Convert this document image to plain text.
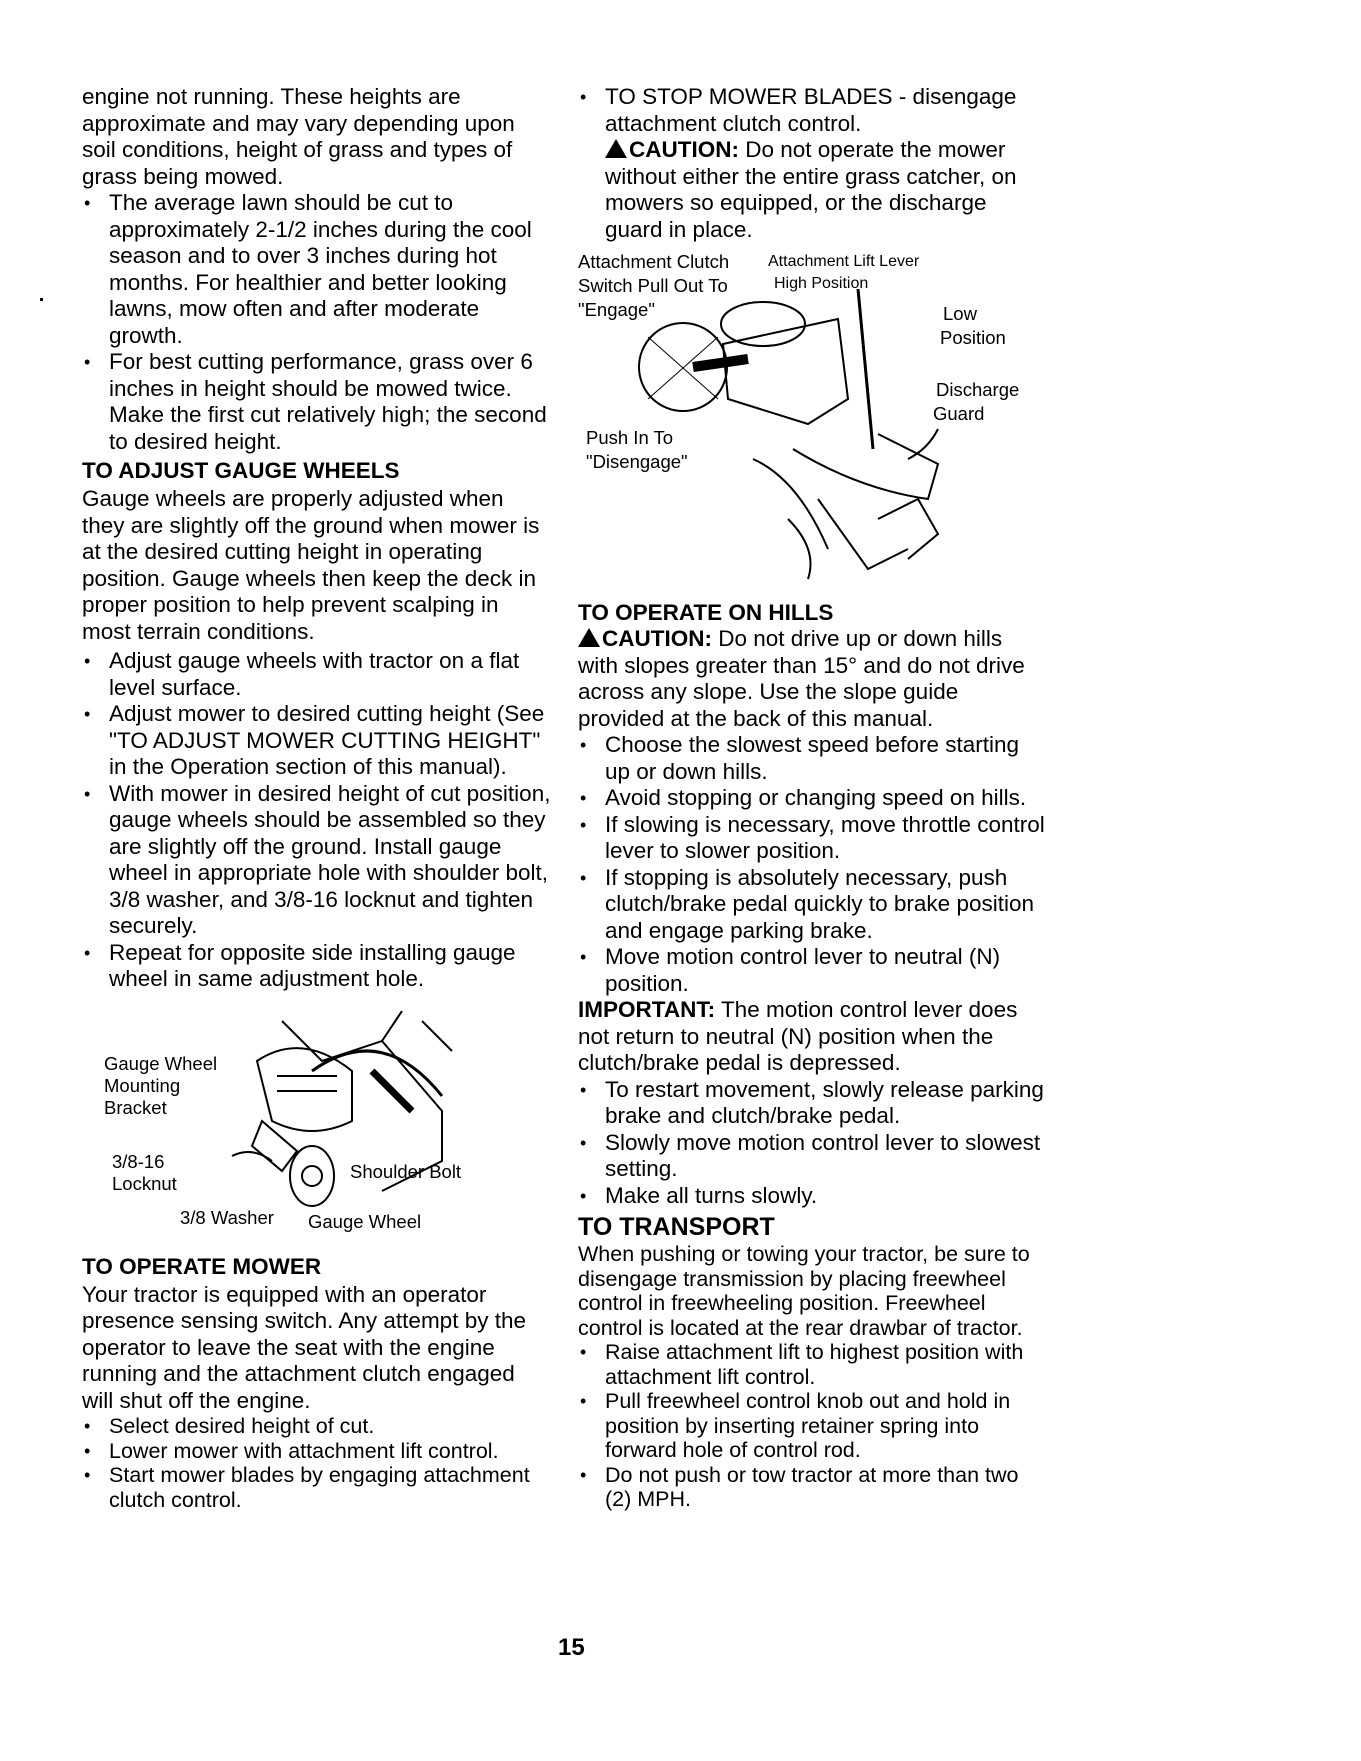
engine not running. These heights are approximate and may vary depending upon soil conditions, height of grass and types of grass being mowed.

• The average lawn should be cut to approximately 2-1/2 inches during the cool season and to over 3 inches during hot months. For healthier and better looking lawns, mow often and after moderate growth.
• For best cutting performance, grass over 6 inches in height should be mowed twice. Make the first cut relatively high; the second to desired height.
TO ADJUST GAUGE WHEELS

Gauge wheels are properly adjusted when they are slightly off the ground when mower is at the desired cutting height in operating position. Gauge wheels then keep the deck in proper position to help prevent scalping in most terrain conditions.

• Adjust gauge wheels with tractor on a flat level surface.
• Adjust mower to desired cutting height (See "TO ADJUST MOWER CUTTING HEIGHT" in the Operation section of this manual).
• With mower in desired height of cut position, gauge wheels should be assembled so they are slightly off the ground. Install gauge wheel in appropriate hole with shoulder bolt, 3/8 washer, and 3/8-16 locknut and tighten securely.
• Repeat for opposite side installing gauge wheel in same adjustment hole.
Gauge Wheel
Mounting
Bracket
3/8-16
Locknut
Shoulder Bolt
3/8 Washer Gauge Wheel
TO OPERATE MOWER

Your tractor is equipped with an operator presence sensing switch. Any attempt by the operator to leave the seat with the engine running and the attachment clutch engaged will shut off the engine.

• Select desired height of cut.
• Lower mower with attachment lift control.
• Start mower blades by engaging attachment clutch control.
• TO STOP MOWER BLADES - disengage attachment clutch control.

CAUTION: Do not operate the mower without either the entire grass catcher, on mowers so equipped, or the discharge guard in place.

Attachment Clutch
Switch Pull Out To
"Engage"
Attachment Lift Lever
High Position
Low
Position
Discharge
Guard
Push In To
"Disengage"
TO OPERATE ON HILLS

CAUTION: Do not drive up or down hills with slopes greater than 15° and do not drive across any slope. Use the slope guide provided at the back of this manual.

• Choose the slowest speed before starting up or down hills.
• Avoid stopping or changing speed on hills.
• If slowing is necessary, move throttle control lever to slower position.
• If stopping is absolutely necessary, push clutch/brake pedal quickly to brake position and engage parking brake.
• Move motion control lever to neutral (N) position.

IMPORTANT: The motion control lever does not return to neutral (N) position when the clutch/brake pedal is depressed.

• To restart movement, slowly release parking brake and clutch/brake pedal.
• Slowly move motion control lever to slowest setting.
• Make all turns slowly.
TO TRANSPORT

When pushing or towing your tractor, be sure to disengage transmission by placing freewheel control in freewheeling position. Freewheel control is located at the rear drawbar of tractor.

• Raise attachment lift to highest position with attachment lift control.
• Pull freewheel control knob out and hold in position by inserting retainer spring into forward hole of control rod.
• Do not push or tow tractor at more than two (2) MPH.
15
